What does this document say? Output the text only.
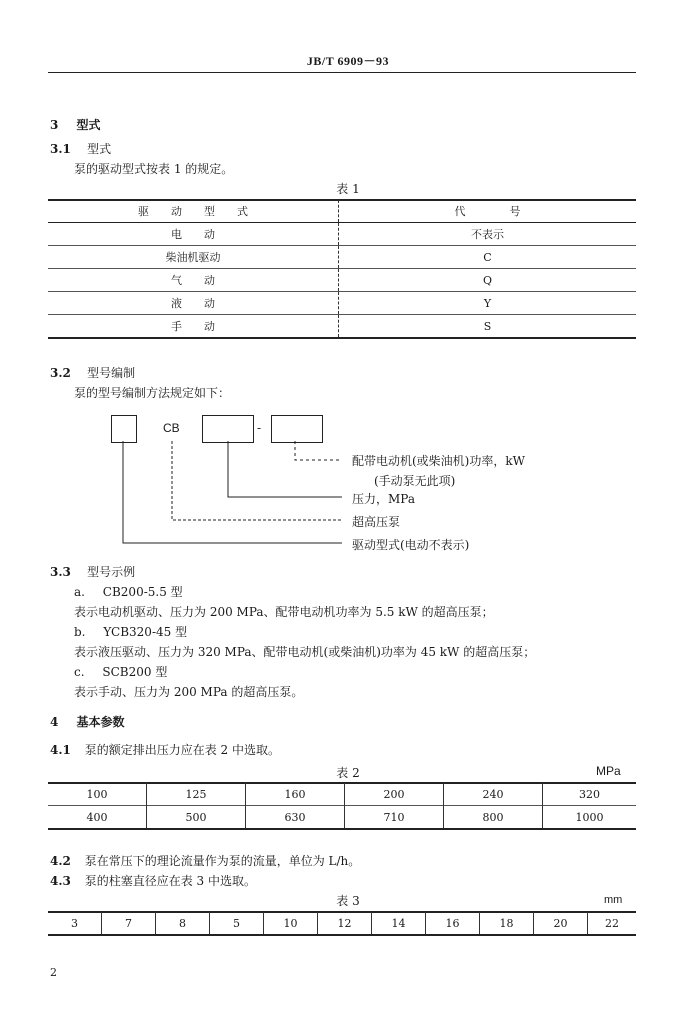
JB/T 6909－93
3 型式
3.1 型式
泵的驱动型式按表 1 的规定。
表 1
驱　　动　　型　　式	代　　　　号
电　　动	不表示
柴油机驱动	C
气　　动	Q
液　　动	Y
手　　动	S
3.2 型号编制
泵的型号编制方法规定如下：
CB	-
配带电动机(或柴油机)功率，kW
(手动泵无此项)
压力，MPa
超高压泵
驱动型式(电动不表示)
3.3 型号示例
a. CB200-5.5 型
表示电动机驱动、压力为 200 MPa、配带电动机功率为 5.5 kW 的超高压泵；
b. YCB320-45 型
表示液压驱动、压力为 320 MPa、配带电动机(或柴油机)功率为 45 kW 的超高压泵；
c. SCB200 型
表示手动、压力为 200 MPa 的超高压泵。
4 基本参数
4.1 泵的额定排出压力应在表 2 中选取。
表 2	MPa
100	125	160	200	240	320
400	500	630	710	800	1000
4.2 泵在常压下的理论流量作为泵的流量，单位为 L/h。
4.3 泵的柱塞直径应在表 3 中选取。
表 3	mm
3	7	8	5	10	12	14	16	18	20	22
2
